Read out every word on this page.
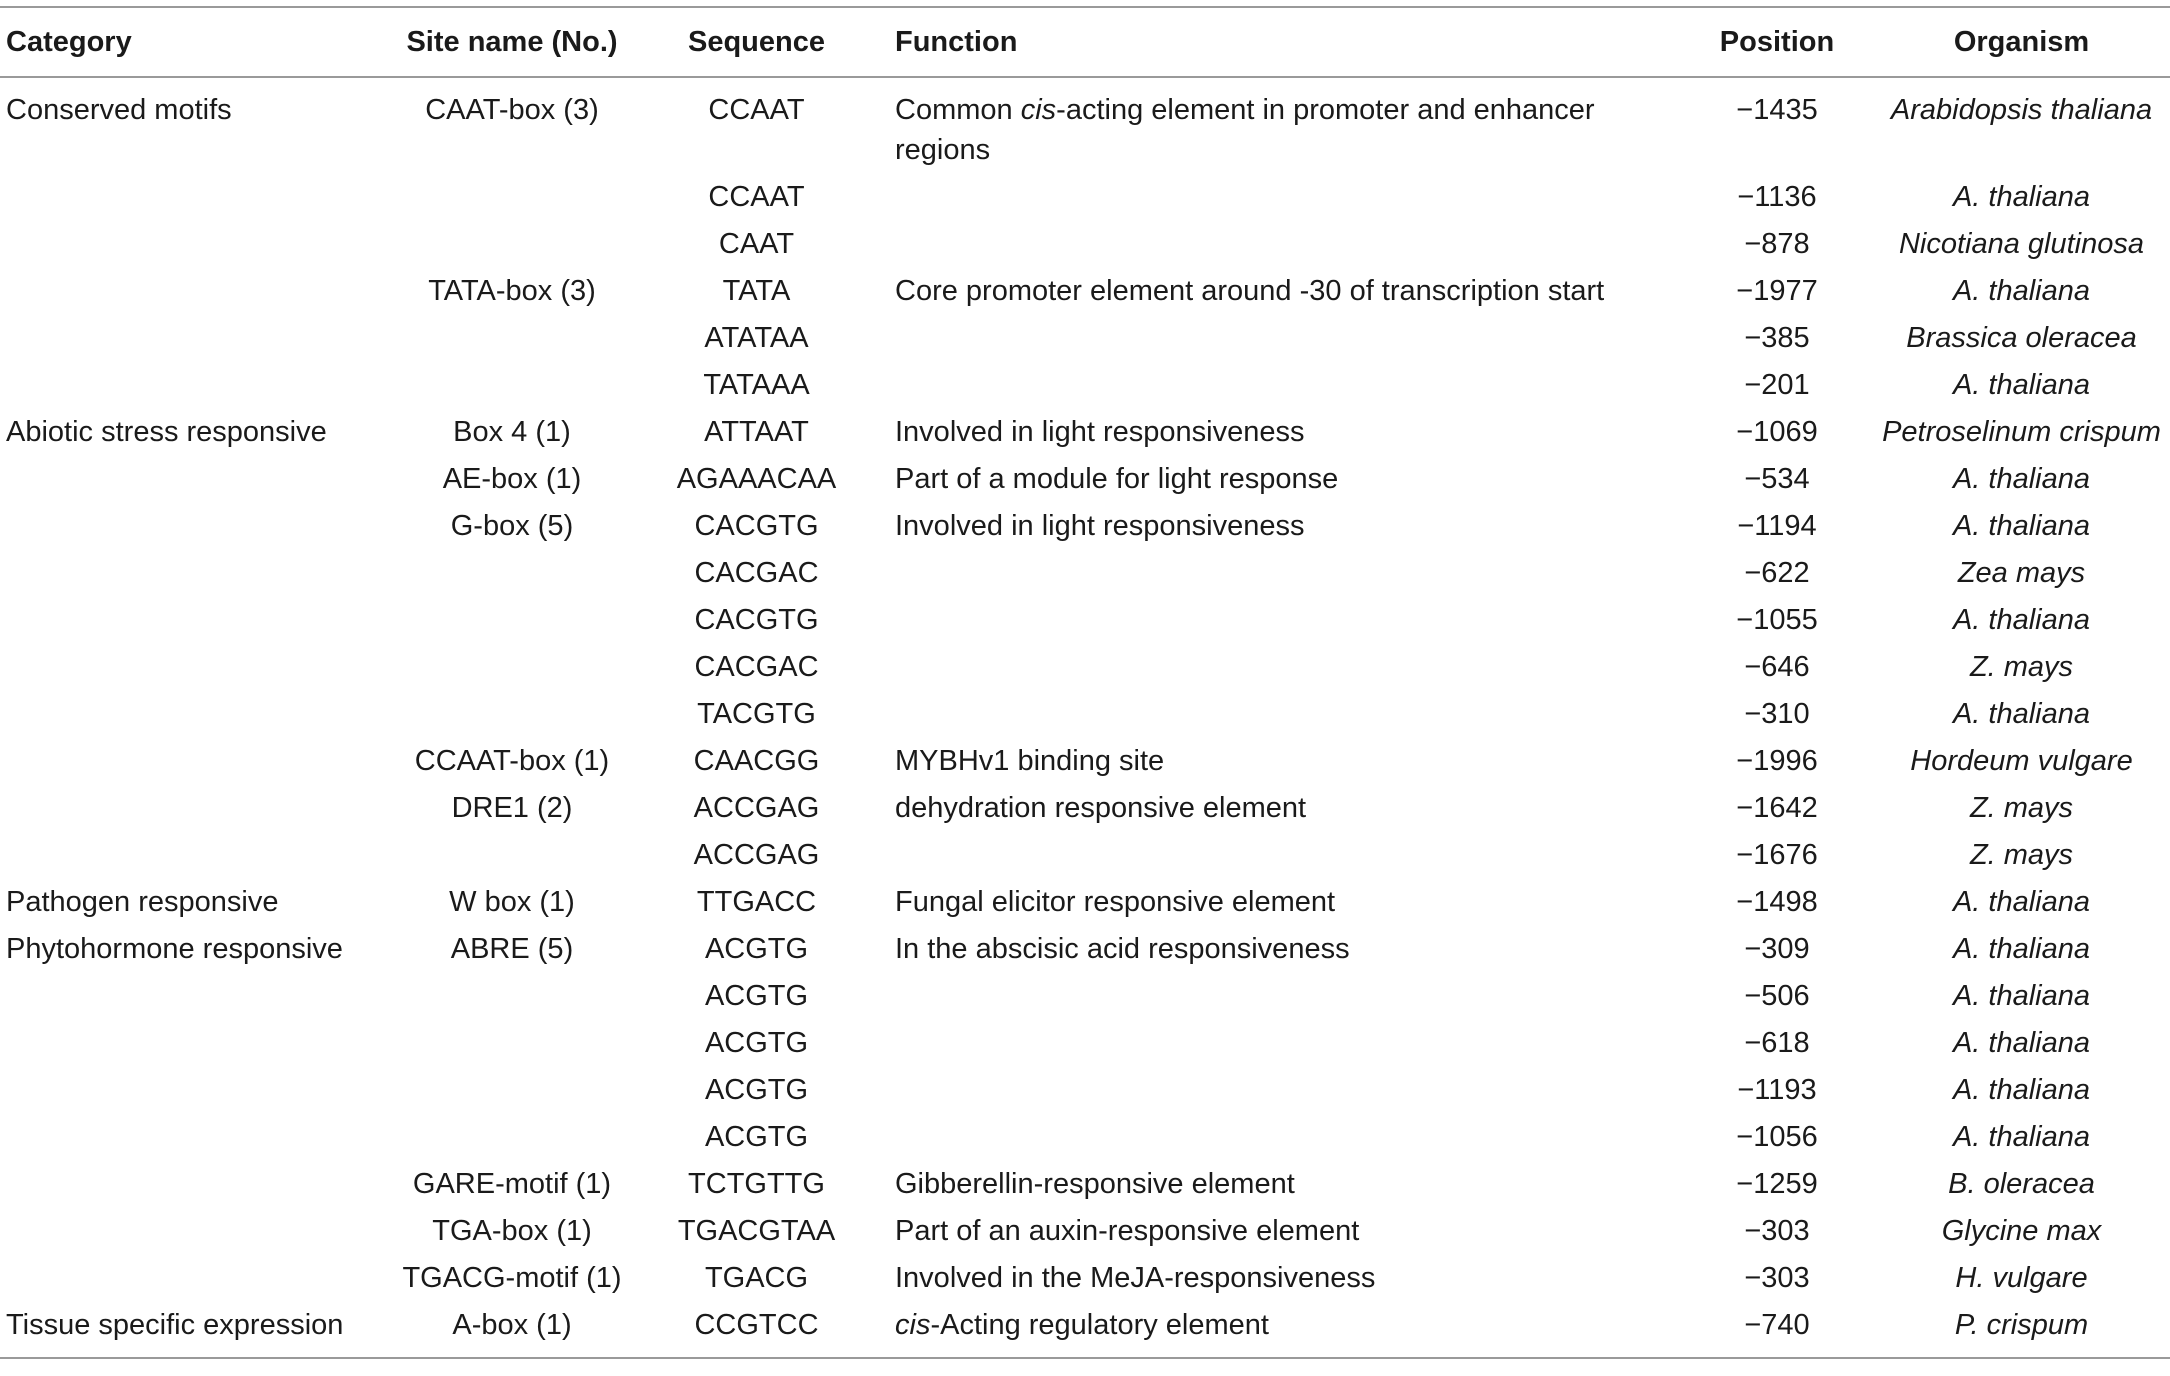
Category	Site name (No.)	Sequence	Function	Position	Organism
Conserved motifs	CAAT-box (3)	CCAAT	Common cis-acting element in promoter and enhancer regions	−1435	Arabidopsis thaliana
		CCAAT		−1136	A. thaliana
		CAAT		−878	Nicotiana glutinosa
	TATA-box (3)	TATA	Core promoter element around -30 of transcription start	−1977	A. thaliana
		ATATAA		−385	Brassica oleracea
		TATAAA		−201	A. thaliana
Abiotic stress responsive	Box 4 (1)	ATTAAT	Involved in light responsiveness	−1069	Petroselinum crispum
	AE-box (1)	AGAAACAA	Part of a module for light response	−534	A. thaliana
	G-box (5)	CACGTG	Involved in light responsiveness	−1194	A. thaliana
		CACGAC		−622	Zea mays
		CACGTG		−1055	A. thaliana
		CACGAC		−646	Z. mays
		TACGTG		−310	A. thaliana
	CCAAT-box (1)	CAACGG	MYBHv1 binding site	−1996	Hordeum vulgare
	DRE1 (2)	ACCGAG	dehydration responsive element	−1642	Z. mays
		ACCGAG		−1676	Z. mays
Pathogen responsive	W box (1)	TTGACC	Fungal elicitor responsive element	−1498	A. thaliana
Phytohormone responsive	ABRE (5)	ACGTG	In the abscisic acid responsiveness	−309	A. thaliana
		ACGTG		−506	A. thaliana
		ACGTG		−618	A. thaliana
		ACGTG		−1193	A. thaliana
		ACGTG		−1056	A. thaliana
	GARE-motif (1)	TCTGTTG	Gibberellin-responsive element	−1259	B. oleracea
	TGA-box (1)	TGACGTAA	Part of an auxin-responsive element	−303	Glycine max
	TGACG-motif (1)	TGACG	Involved in the MeJA-responsiveness	−303	H. vulgare
Tissue specific expression	A-box (1)	CCGTCC	cis-Acting regulatory element	−740	P. crispum
